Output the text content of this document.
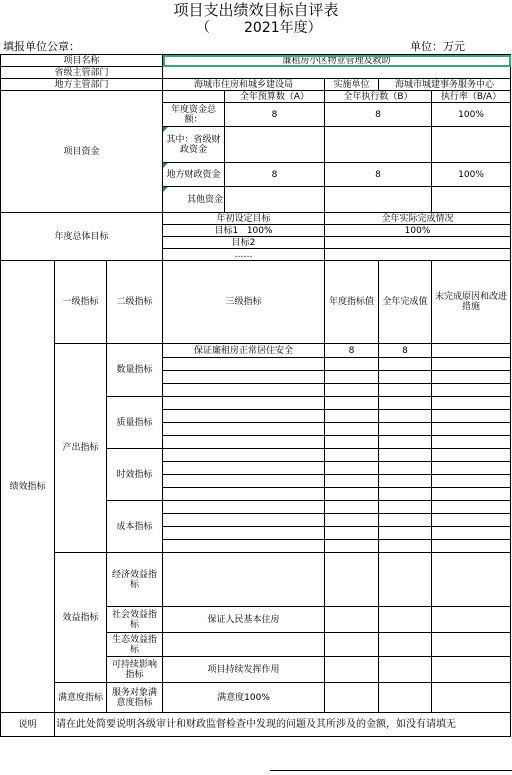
项目支出绩效目标自评表
（ 2021年度）
填报单位公章：	单位：万元
项目名称			廉租房小区物业管理及救助				
省级主管部门							
地方主管部门			海城市住房和城乡建设局		实施单位	海城市城建事务服务中心	
项目资金				全年预算数（A）	全年执行数（B）		执行率（B/A）
			年度资金总额：	8	8		100%
			其中：省级财政资金				
			地方财政资金	8	8		100%
			其他资金				
年度总体目标			年初设定目标		全年实际完成情况		
			目标1 100%		100%		
			目标2				
			……				
绩效指标	一级指标	二级指标	三级指标		年度指标值	全年完成值	未完成原因和改进措施
	产出指标	数量指标	保证廉租房正常居住安全		8	8	

		质量指标					

		时效指标					

		成本指标					

	效益指标	经济效益指标					
		社会效益指标	保证人民基本住房				
		生态效益指标					
		可持续影响指标	项目持续发挥作用				
	满意度指标	服务对象满意度指标	满意度100%				
说明	请在此处简要说明各级审计和财政监督检查中发现的问题及其所涉及的金额，如没有请填无						
